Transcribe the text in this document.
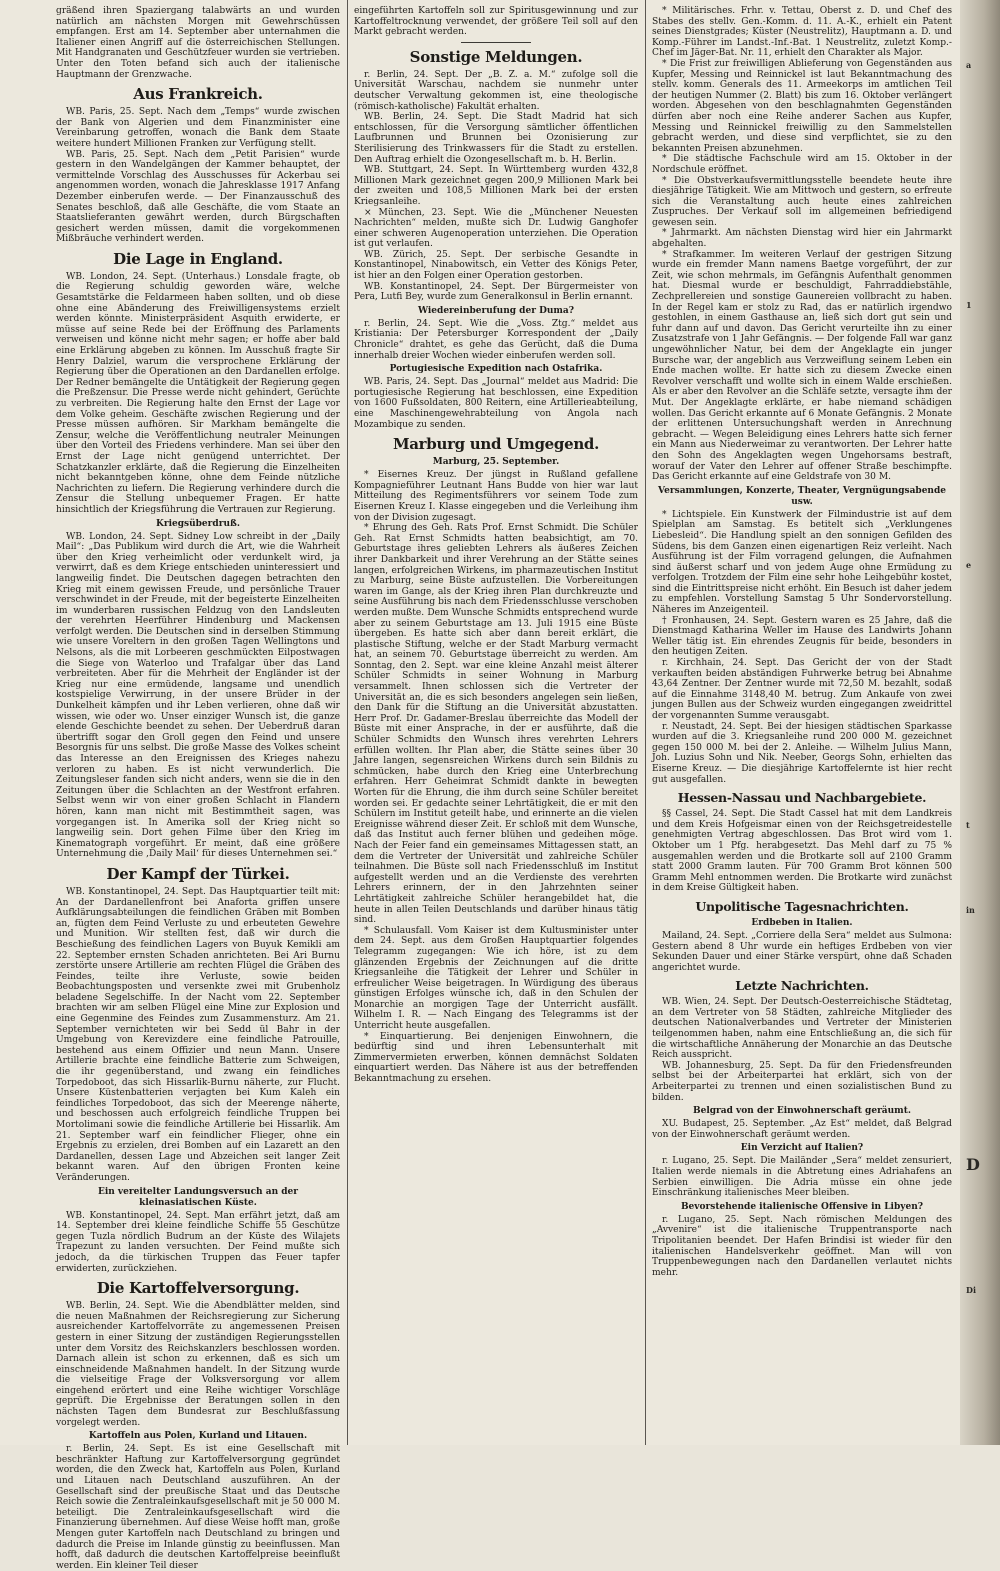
gräßend ihren Spaziergang talabwärts an und wurden natürlich am nächsten Morgen mit Gewehrschüssen empfangen. Erst am 14. September aber unternahmen die Italiener einen Angriff auf die österreichischen Stellungen. Mit Handgranaten und Geschützfeuer wurden sie vertrieben. Unter den Toten befand sich auch der italienische Hauptmann der Grenzwache.

Aus Frankreich.

WB. Paris, 25. Sept. Nach dem „Temps“ wurde zwischen der Bank von Algerien und dem Finanzminister eine Vereinbarung getroffen, wonach die Bank dem Staate weitere hundert Millionen Franken zur Verfügung stellt.

WB. Paris, 25. Sept. Nach dem „Petit Parisien“ wurde gestern in den Wandelgängen der Kammer behauptet, der vermittelnde Vorschlag des Ausschusses für Ackerbau sei angenommen worden, wonach die Jahresklasse 1917 Anfang Dezember einberufen werde. — Der Finanzausschuß des Senates beschloß, daß alle Geschäfte, die vom Staate an Staatslieferanten gewährt werden, durch Bürgschaften gesichert werden müssen, damit die vorgekommenen Mißbräuche verhindert werden.

Die Lage in England.

WB. London, 24. Sept. (Unterhaus.) Lonsdale fragte, ob die Regierung schuldig geworden wäre, welche Gesamtstärke die Feldarmeen haben sollten, und ob diese ohne eine Abänderung des Freiwilligensystems erzielt werden könnte. Ministerpräsident Asquith erwiderte, er müsse auf seine Rede bei der Eröffnung des Parlaments verweisen und könne nicht mehr sagen; er hoffe aber bald eine Erklärung abgeben zu können. Im Ausschuß fragte Sir Henry Dalziel, warum die versprochene Erklärung der Regierung über die Operationen an den Dardanellen erfolge. Der Redner bemängelte die Untätigkeit der Regierung gegen die Preßzensur. Die Presse werde nicht gehindert, Gerüchte zu verbreiten. Die Regierung halte den Ernst der Lage vor dem Volke geheim. Geschäfte zwischen Regierung und der Presse müssen aufhören. Sir Markham bemängelte die Zensur, welche die Veröffentlichung neutraler Meinungen über den Vorteil des Friedens verhindere. Man sei über den Ernst der Lage nicht genügend unterrichtet. Der Schatzkanzler erklärte, daß die Regierung die Einzelheiten nicht bekanntgeben könne, ohne dem Feinde nützliche Nachrichten zu liefern. Die Regierung verhindere durch die Zensur die Stellung unbequemer Fragen. Er hatte hinsichtlich der Kriegsführung die Vertrauen zur Regierung.

Kriegsüberdruß.

WB. London, 24. Sept. Sidney Low schreibt in der „Daily Mail“: „Das Publikum wird durch die Art, wie die Wahrheit über den Krieg verheimlicht oder verdunkelt wird, ja verwirrt, daß es dem Kriege entschieden uninteressiert und langweilig findet. Die Deutschen dagegen betrachten den Krieg mit einem gewissen Freude, und persönliche Trauer verschwindet in der Freude, mit der begeisterte Einzelheiten im wunderbaren russischen Feldzug von den Landsleuten der verehrten Heerführer Hindenburg und Mackensen verfolgt werden. Die Deutschen sind in derselben Stimmung wie unsere Voreltern in den großen Tagen Wellingtons und Nelsons, als die mit Lorbeeren geschmückten Eilpostwagen die Siege von Waterloo und Trafalgar über das Land verbreiteten. Aber für die Mehrheit der Engländer ist der Krieg nur eine ermüdende, langsame und unendlich kostspielige Verwirrung, in der unsere Brüder in der Dunkelheit kämpfen und ihr Leben verlieren, ohne daß wir wissen, wie oder wo. Unser einziger Wunsch ist, die ganze elende Geschichte beendet zu sehen. Der Ueberdruß daran übertrifft sogar den Groll gegen den Feind und unsere Besorgnis für uns selbst. Die große Masse des Volkes scheint das Interesse an den Ereignissen des Krieges nahezu verloren zu haben. Es ist nicht verwunderlich. Die Zeitungsleser fanden sich nicht anders, wenn sie die in den Zeitungen über die Schlachten an der Westfront erfahren. Selbst wenn wir von einer großen Schlacht in Flandern hören, kann man nicht mit Bestimmtheit sagen, was vorgegangen ist. In Amerika soll der Krieg nicht so langweilig sein. Dort gehen Filme über den Krieg im Kinematograph vorgeführt. Er meint, daß eine größere Unternehmung die ‚Daily Mail‘ für dieses Unternehmen sei.“

Der Kampf der Türkei.

WB. Konstantinopel, 24. Sept. Das Hauptquartier teilt mit: An der Dardanellenfront bei Anaforta griffen unsere Aufklärungsabteilungen die feindlichen Gräben mit Bomben an, fügten dem Feind Verluste zu und erbeuteten Gewehre und Munition. Wir stellten fest, daß wir durch die Beschießung des feindlichen Lagers von Buyuk Kemikli am 22. September ernsten Schaden anrichteten. Bei Ari Burnu zerstörte unsere Artillerie am rechten Flügel die Gräben des Feindes, teilte ihre Verluste, sowie beiden Beobachtungsposten und versenkte zwei mit Grubenholz beladene Segelschiffe. In der Nacht vom 22. September brachten wir am selben Flügel eine Mine zur Explosion und eine Gegenmine des Feindes zum Zusammensturz. Am 21. September vernichteten wir bei Sedd ül Bahr in der Umgebung von Kerevizdere eine feindliche Patrouille, bestehend aus einem Offizier und neun Mann. Unsere Artillerie brachte eine feindliche Batterie zum Schweigen, die ihr gegenüberstand, und zwang ein feindliches Torpedoboot, das sich Hissarlik-Burnu näherte, zur Flucht. Unsere Küstenbatterien verjagten bei Kum Kaleh ein feindliches Torpedoboot, das sich der Meerenge näherte, und beschossen auch erfolgreich feindliche Truppen bei Mortolimani sowie die feindliche Artillerie bei Hissarlik. Am 21. September warf ein feindlicher Flieger, ohne ein Ergebnis zu erzielen, drei Bomben auf ein Lazarett an den Dardanellen, dessen Lage und Abzeichen seit langer Zeit bekannt waren. Auf den übrigen Fronten keine Veränderungen.

Ein vereitelter Landungsversuch an der kleinasiatischen Küste.

WB. Konstantinopel, 24. Sept. Man erfährt jetzt, daß am 14. September drei kleine feindliche Schiffe 55 Geschütze gegen Tuzla nördlich Budrum an der Küste des Wilajets Trapezunt zu landen versuchten. Der Feind mußte sich jedoch, da die türkischen Truppen das Feuer tapfer erwiderten, zurückziehen.

Die Kartoffelversorgung.

WB. Berlin, 24. Sept. Wie die Abendblätter melden, sind die neuen Maßnahmen der Reichsregierung zur Sicherung ausreichender Kartoffelvorräte zu angemessenen Preisen gestern in einer Sitzung der zuständigen Regierungsstellen unter dem Vorsitz des Reichskanzlers beschlossen worden. Darnach allein ist schon zu erkennen, daß es sich um einschneidende Maßnahmen handelt. In der Sitzung wurde die vielseitige Frage der Volksversorgung vor allem eingehend erörtert und eine Reihe wichtiger Vorschläge geprüft. Die Ergebnisse der Beratungen sollen in den nächsten Tagen dem Bundesrat zur Beschlußfassung vorgelegt werden.

Kartoffeln aus Polen, Kurland und Litauen.

r. Berlin, 24. Sept. Es ist eine Gesellschaft mit beschränkter Haftung zur Kartoffelversorgung gegründet worden, die den Zweck hat, Kartoffeln aus Polen, Kurland und Litauen nach Deutschland auszuführen. An der Gesellschaft sind der preußische Staat und das Deutsche Reich sowie die Zentraleinkaufsgesellschaft mit je 50 000 M. beteiligt. Die Zentraleinkaufsgesellschaft wird die Finanzierung übernehmen. Auf diese Weise hofft man, große Mengen guter Kartoffeln nach Deutschland zu bringen und dadurch die Preise im Inlande günstig zu beeinflussen. Man hofft, daß dadurch die deutschen Kartoffelpreise beeinflußt werden. Ein kleiner Teil dieser

eingeführten Kartoffeln soll zur Spiritusgewinnung und zur Kartoffeltrocknung verwendet, der größere Teil soll auf den Markt gebracht werden.

Sonstige Meldungen.

r. Berlin, 24. Sept. Der „B. Z. a. M.“ zufolge soll die Universität Warschau, nachdem sie nunmehr unter deutscher Verwaltung gekommen ist, eine theologische (römisch-katholische) Fakultät erhalten.

WB. Berlin, 24. Sept. Die Stadt Madrid hat sich entschlossen, für die Versorgung sämtlicher öffentlichen Laufbrunnen und Brunnen bei Ozonisierung zur Sterilisierung des Trinkwassers für die Stadt zu erstellen. Den Auftrag erhielt die Ozongesellschaft m. b. H. Berlin.

WB. Stuttgart, 24. Sept. In Württemberg wurden 432,8 Millionen Mark gezeichnet gegen 200,9 Millionen Mark bei der zweiten und 108,5 Millionen Mark bei der ersten Kriegsanleihe.

× München, 23. Sept. Wie die „Münchener Neuesten Nachrichten“ melden, mußte sich Dr. Ludwig Ganghofer einer schweren Augenoperation unterziehen. Die Operation ist gut verlaufen.

WB. Zürich, 25. Sept. Der serbische Gesandte in Konstantinopel, Ninabowitsch, ein Vetter des Königs Peter, ist hier an den Folgen einer Operation gestorben.

WB. Konstantinopel, 24. Sept. Der Bürgermeister von Pera, Lutfi Bey, wurde zum Generalkonsul in Berlin ernannt.

Wiedereinberufung der Duma?

r. Berlin, 24. Sept. Wie die „Voss. Ztg.“ meldet aus Kristiania: Der Petersburger Korrespondent der „Daily Chronicle“ drahtet, es gehe das Gerücht, daß die Duma innerhalb dreier Wochen wieder einberufen werden soll.

Portugiesische Expedition nach Ostafrika.

WB. Paris, 24. Sept. Das „Journal“ meldet aus Madrid: Die portugiesische Regierung hat beschlossen, eine Expedition von 1600 Fußsoldaten, 800 Reitern, eine Artillerieabteilung, eine Maschinengewehrabteilung von Angola nach Mozambique zu senden.

Marburg und Umgegend.
Marburg, 25. September.

* Eisernes Kreuz. Der jüngst in Rußland gefallene Kompagnieführer Leutnant Hans Budde von hier war laut Mitteilung des Regimentsführers vor seinem Tode zum Eisernen Kreuz I. Klasse eingegeben und die Verleihung ihm von der Division zugesagt.

* Ehrung des Geh. Rats Prof. Ernst Schmidt. Die Schüler Geh. Rat Ernst Schmidts hatten beabsichtigt, am 70. Geburtstage ihres geliebten Lehrers als äußeres Zeichen ihrer Dankbarkeit und ihrer Verehrung an der Stätte seines langen, erfolgreichen Wirkens, im pharmazeutischen Institut zu Marburg, seine Büste aufzustellen. Die Vorbereitungen waren im Gange, als der Krieg ihren Plan durchkreuzte und seine Ausführung bis nach dem Friedensschlusse verschoben werden mußte. Dem Wunsche Schmidts entsprechend wurde aber zu seinem Geburtstage am 13. Juli 1915 eine Büste übergeben. Es hatte sich aber dann bereit erklärt, die plastische Stiftung, welche er der Stadt Marburg vermacht hat, an seinem 70. Geburtstage überreicht zu werden. Am Sonntag, den 2. Sept. war eine kleine Anzahl meist älterer Schüler Schmidts in seiner Wohnung in Marburg versammelt. Ihnen schlossen sich die Vertreter der Universität an, die es sich besonders angelegen sein ließen, den Dank für die Stiftung an die Universität abzustatten. Herr Prof. Dr. Gadamer-Breslau überreichte das Modell der Büste mit einer Ansprache, in der er ausführte, daß die Schüler Schmidts den Wunsch ihres verehrten Lehrers erfüllen wollten. Ihr Plan aber, die Stätte seines über 30 Jahre langen, segensreichen Wirkens durch sein Bildnis zu schmücken, habe durch den Krieg eine Unterbrechung erfahren. Herr Geheimrat Schmidt dankte in bewegten Worten für die Ehrung, die ihm durch seine Schüler bereitet worden sei. Er gedachte seiner Lehrtätigkeit, die er mit den Schülern im Institut geteilt habe, und erinnerte an die vielen Ereignisse während dieser Zeit. Er schloß mit dem Wunsche, daß das Institut auch ferner blühen und gedeihen möge. Nach der Feier fand ein gemeinsames Mittagessen statt, an dem die Vertreter der Universität und zahlreiche Schüler teilnahmen. Die Büste soll nach Friedensschluß im Institut aufgestellt werden und an die Verdienste des verehrten Lehrers erinnern, der in den Jahrzehnten seiner Lehrtätigkeit zahlreiche Schüler herangebildet hat, die heute in allen Teilen Deutschlands und darüber hinaus tätig sind.

* Schulausfall. Vom Kaiser ist dem Kultusminister unter dem 24. Sept. aus dem Großen Hauptquartier folgendes Telegramm zugegangen: Wie ich höre, ist zu dem glänzenden Ergebnis der Zeichnungen auf die dritte Kriegsanleihe die Tätigkeit der Lehrer und Schüler in erfreulicher Weise beigetragen. In Würdigung des überaus günstigen Erfolges wünsche ich, daß in den Schulen der Monarchie an morgigen Tage der Unterricht ausfällt. Wilhelm I. R. — Nach Eingang des Telegramms ist der Unterricht heute ausgefallen.

* Einquartierung. Bei denjenigen Einwohnern, die bedürftig sind und ihren Lebensunterhalt mit Zimmervermieten erwerben, können demnächst Soldaten einquartiert werden. Das Nähere ist aus der betreffenden Bekanntmachung zu ersehen.

* Militärisches. Frhr. v. Tettau, Oberst z. D. und Chef des Stabes des stellv. Gen.-Komm. d. 11. A.-K., erhielt ein Patent seines Dienstgrades; Küster (Neustrelitz), Hauptmann a. D. und Komp.-Führer im Landst.-Inf.-Bat. 1 Neustrelitz, zuletzt Komp.-Chef im Jäger-Bat. Nr. 11, erhielt den Charakter als Major.

* Die Frist zur freiwilligen Ablieferung von Gegenständen aus Kupfer, Messing und Reinnickel ist laut Bekanntmachung des stellv. komm. Generals des 11. Armeekorps im amtlichen Teil der heutigen Nummer (2. Blatt) bis zum 16. Oktober verlängert worden. Abgesehen von den beschlagnahmten Gegenständen dürfen aber noch eine Reihe anderer Sachen aus Kupfer, Messing und Reinnickel freiwillig zu den Sammelstellen gebracht werden, und diese sind verpflichtet, sie zu den bekannten Preisen abzunehmen.

* Die städtische Fachschule wird am 15. Oktober in der Nordschule eröffnet.

* Die Obstverkaufsvermittlungsstelle beendete heute ihre diesjährige Tätigkeit. Wie am Mittwoch und gestern, so erfreute sich die Veranstaltung auch heute eines zahlreichen Zuspruches. Der Verkauf soll im allgemeinen befriedigend gewesen sein.

* Jahrmarkt. Am nächsten Dienstag wird hier ein Jahrmarkt abgehalten.

* Strafkammer. Im weiteren Verlauf der gestrigen Sitzung wurde ein fremder Mann namens Baetge vorgeführt, der zur Zeit, wie schon mehrmals, im Gefängnis Aufenthalt genommen hat. Diesmal wurde er beschuldigt, Fahrraddiebstähle, Zechprellereien und sonstige Gaunereien vollbracht zu haben. In der Regel kam er stolz zu Rad, das er natürlich irgendwo gestohlen, in einem Gasthause an, ließ sich dort gut sein und fuhr dann auf und davon. Das Gericht verurteilte ihn zu einer Zusatzstrafe von 1 Jahr Gefängnis. — Der folgende Fall war ganz ungewöhnlicher Natur, bei dem der Angeklagte ein junger Bursche war, der angeblich aus Verzweiflung seinem Leben ein Ende machen wollte. Er hatte sich zu diesem Zwecke einen Revolver verschafft und wollte sich in einem Walde erschießen. Als er aber den Revolver an die Schläfe setzte, versagte ihm der Mut. Der Angeklagte erklärte, er habe niemand schädigen wollen. Das Gericht erkannte auf 6 Monate Gefängnis. 2 Monate der erlittenen Untersuchungshaft werden in Anrechnung gebracht. — Wegen Beleidigung eines Lehrers hatte sich ferner ein Mann aus Niederweimar zu verantworten. Der Lehrer hatte den Sohn des Angeklagten wegen Ungehorsams bestraft, worauf der Vater den Lehrer auf offener Straße beschimpfte. Das Gericht erkannte auf eine Geldstrafe von 30 M.

Versammlungen, Konzerte, Theater, Vergnügungsabende usw.

* Lichtspiele. Ein Kunstwerk der Filmindustrie ist auf dem Spielplan am Samstag. Es betitelt sich „Verklungenes Liebesleid“. Die Handlung spielt an den sonnigen Gefilden des Südens, bis dem Ganzen einen eigenartigen Reiz verleiht. Nach Ausführung ist der Film vorragend gelungen, die Aufnahmen sind äußerst scharf und von jedem Auge ohne Ermüdung zu verfolgen. Trotzdem der Film eine sehr hohe Leihgebühr kostet, sind die Eintrittspreise nicht erhöht. Ein Besuch ist daher jedem zu empfehlen. Vorstellung Samstag 5 Uhr Sondervorstellung. Näheres im Anzeigenteil.

† Fronhausen, 24. Sept. Gestern waren es 25 Jahre, daß die Dienstmagd Katharina Weller im Hause des Landwirts Johann Weller tätig ist. Ein ehrendes Zeugnis für beide, besonders in den heutigen Zeiten.

r. Kirchhain, 24. Sept. Das Gericht der von der Stadt verkauften beiden abständigen Fuhrwerke betrug bei Abnahme 43,64 Zentner. Der Zentner wurde mit 72,50 M. bezahlt, sodaß auf die Einnahme 3148,40 M. betrug. Zum Ankaufe von zwei jungen Bullen aus der Schweiz wurden eingegangen zweidrittel der vorgenannten Summe verausgabt.

r. Neustadt, 24. Sept. Bei der hiesigen städtischen Sparkasse wurden auf die 3. Kriegsanleihe rund 200 000 M. gezeichnet gegen 150 000 M. bei der 2. Anleihe. — Wilhelm Julius Mann, Joh. Luzius Sohn und Nik. Neeber, Georgs Sohn, erhielten das Eiserne Kreuz. — Die diesjährige Kartoffelernte ist hier recht gut ausgefallen.

Hessen-Nassau und Nachbargebiete.

§§ Cassel, 24. Sept. Die Stadt Cassel hat mit dem Landkreis und dem Kreis Hofgeismar einen von der Reichsgetreidestelle genehmigten Vertrag abgeschlossen. Das Brot wird vom 1. Oktober um 1 Pfg. herabgesetzt. Das Mehl darf zu 75 % ausgemahlen werden und die Brotkarte soll auf 2100 Gramm statt 2000 Gramm lauten. Für 700 Gramm Brot können 500 Gramm Mehl entnommen werden. Die Brotkarte wird zunächst in dem Kreise Gültigkeit haben.

Unpolitische Tagesnachrichten.
Erdbeben in Italien.

Mailand, 24. Sept. „Corriere della Sera“ meldet aus Sulmona: Gestern abend 8 Uhr wurde ein heftiges Erdbeben von vier Sekunden Dauer und einer Stärke verspürt, ohne daß Schaden angerichtet wurde.

Letzte Nachrichten.

WB. Wien, 24. Sept. Der Deutsch-Oesterreichische Städtetag, an dem Vertreter von 58 Städten, zahlreiche Mitglieder des deutschen Nationalverbandes und Vertreter der Ministerien teilgenommen haben, nahm eine Entschließung an, die sich für die wirtschaftliche Annäherung der Monarchie an das Deutsche Reich ausspricht.

WB. Johannesburg, 25. Sept. Da für den Friedensfreunden selbst bei der Arbeiterpartei hat erklärt, sich von der Arbeiterpartei zu trennen und einen sozialistischen Bund zu bilden.

Belgrad von der Einwohnerschaft geräumt.

XU. Budapest, 25. September. „Az Est“ meldet, daß Belgrad von der Einwohnerschaft geräumt werden.

Ein Verzicht auf Italien?

r. Lugano, 25. Sept. Die Mailänder „Sera“ meldet zensuriert, Italien werde niemals in die Abtretung eines Adriahafens an Serbien einwilligen. Die Adria müsse ein ohne jede Einschränkung italienisches Meer bleiben.

Bevorstehende italienische Offensive in Libyen?

r. Lugano, 25. Sept. Nach römischen Meldungen des „Avvenire“ ist die italienische Truppentransporte nach Tripolitanien beendet. Der Hafen Brindisi ist wieder für den italienischen Handelsverkehr geöffnet. Man will von Truppenbewegungen nach den Dardanellen verlautet nichts mehr.

a
1
e
t
in
D
Di
